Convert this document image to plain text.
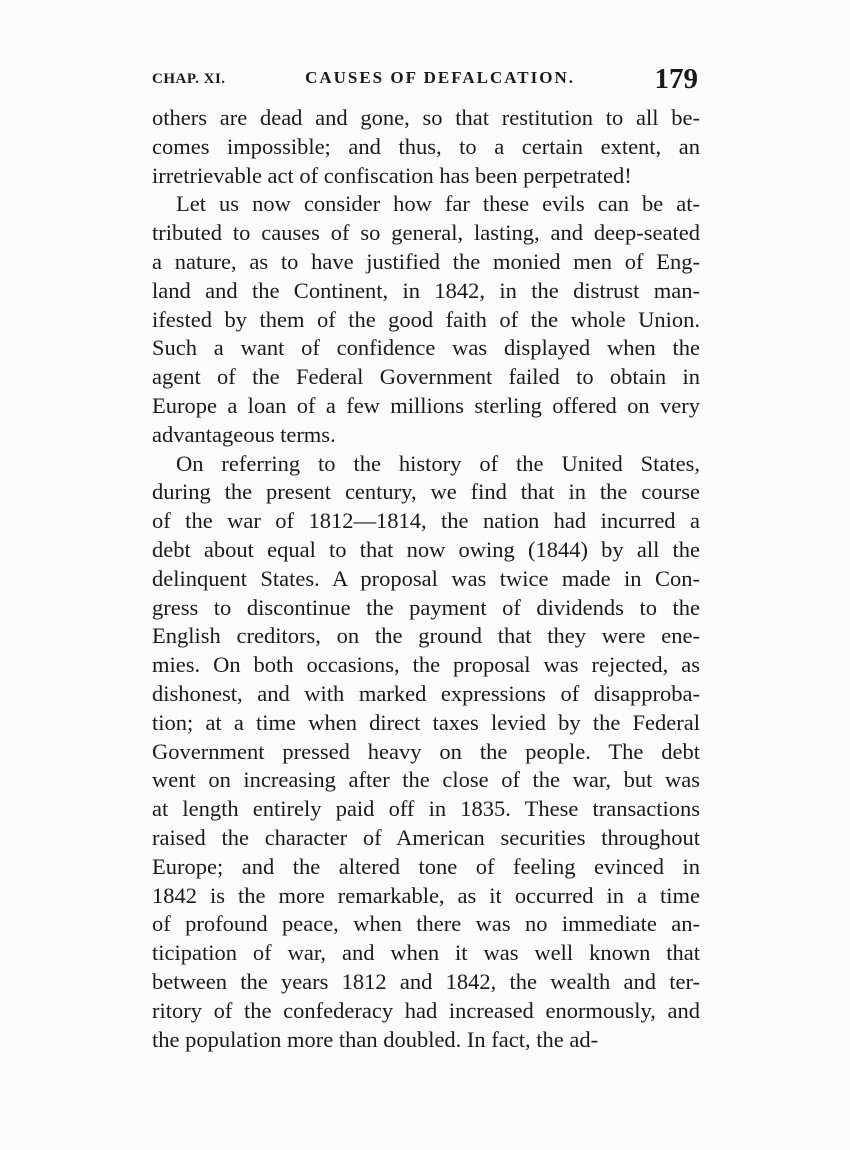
CHAP. XI.	CAUSES OF DEFALCATION.	179
others are dead and gone, so that restitution to all be-
comes impossible; and thus, to a certain extent, an
irretrievable act of confiscation has been perpetrated!
Let us now consider how far these evils can be at-
tributed to causes of so general, lasting, and deep-seated
a nature, as to have justified the monied men of Eng-
land and the Continent, in 1842, in the distrust man-
ifested by them of the good faith of the whole Union.
Such a want of confidence was displayed when the
agent of the Federal Government failed to obtain in
Europe a loan of a few millions sterling offered on very
advantageous terms.
On referring to the history of the United States,
during the present century, we find that in the course
of the war of 1812—1814, the nation had incurred a
debt about equal to that now owing (1844) by all the
delinquent States. A proposal was twice made in Con-
gress to discontinue the payment of dividends to the
English creditors, on the ground that they were ene-
mies. On both occasions, the proposal was rejected, as
dishonest, and with marked expressions of disapproba-
tion; at a time when direct taxes levied by the Federal
Government pressed heavy on the people. The debt
went on increasing after the close of the war, but was
at length entirely paid off in 1835. These transactions
raised the character of American securities throughout
Europe; and the altered tone of feeling evinced in
1842 is the more remarkable, as it occurred in a time
of profound peace, when there was no immediate an-
ticipation of war, and when it was well known that
between the years 1812 and 1842, the wealth and ter-
ritory of the confederacy had increased enormously, and
the population more than doubled. In fact, the ad-
